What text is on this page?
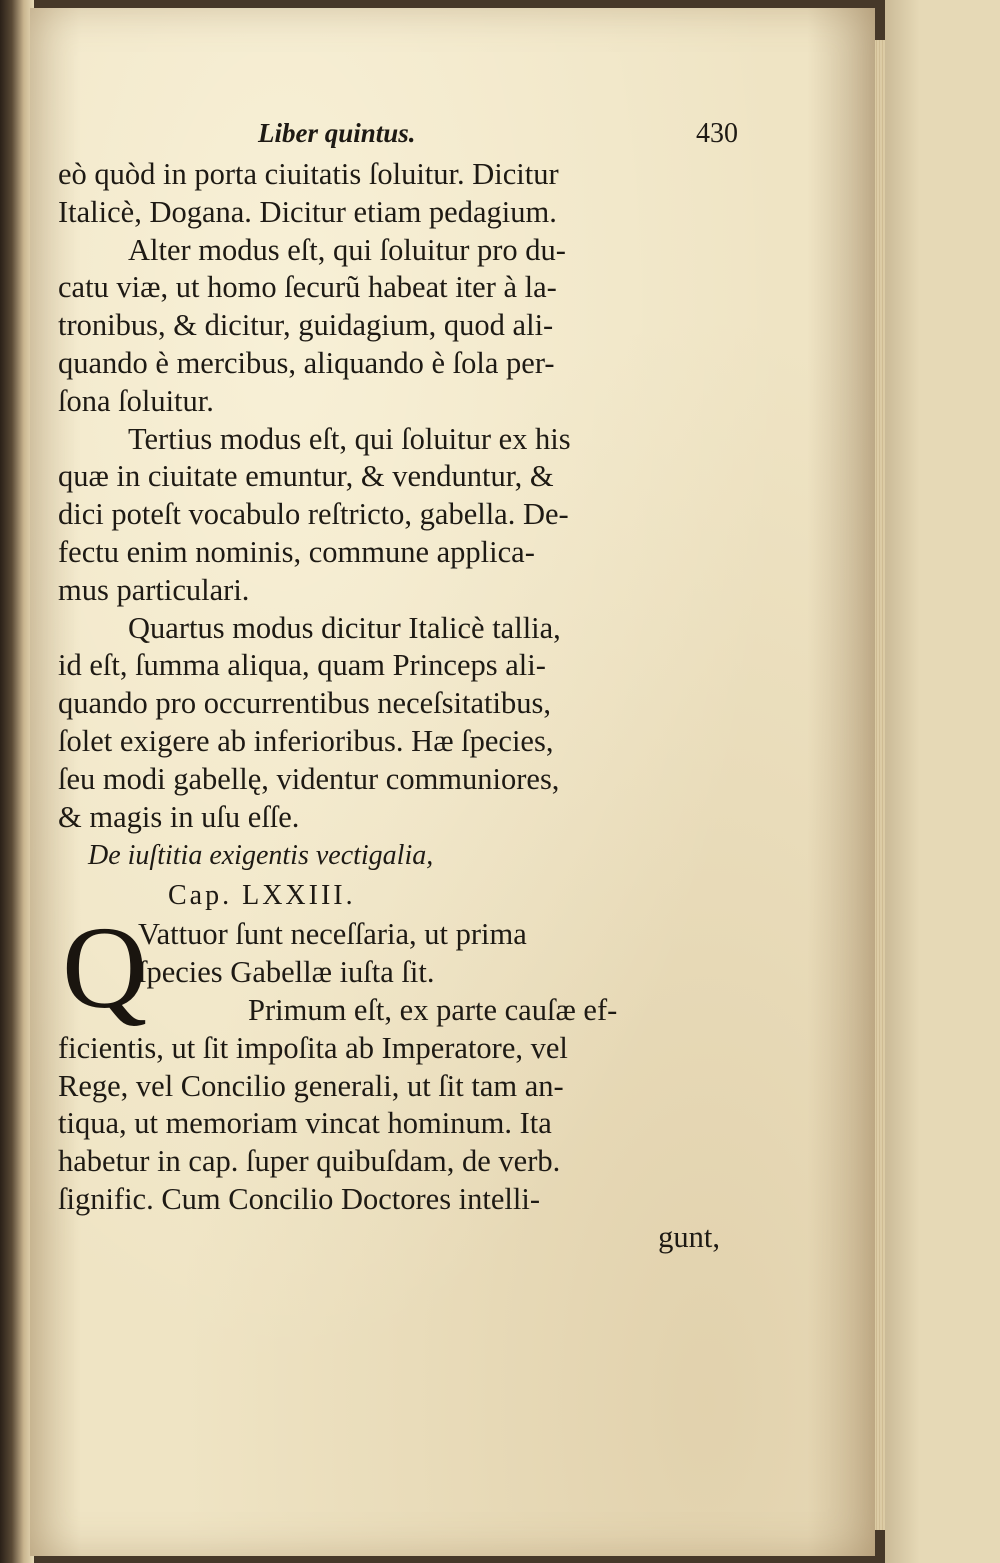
Liber quintus.	430
eò quòd in porta ciuitatis ſoluitur. Dicitur
Italicè, Dogana. Dicitur etiam pedagium.
Alter modus eſt, qui ſoluitur pro du-
catu viæ, ut homo ſecurũ habeat iter à la-
tronibus, & dicitur, guidagium, quod ali-
quando è mercibus, aliquando è ſola per-
ſona ſoluitur.
Tertius modus eſt, qui ſoluitur ex his
quæ in ciuitate emuntur, & venduntur, &
dici poteſt vocabulo reſtricto, gabella. De-
fectu enim nominis, commune applica-
mus particulari.
Quartus modus dicitur Italicè tallia,
id eſt, ſumma aliqua, quam Princeps ali-
quando pro occurrentibus neceſsitatibus,
ſolet exigere ab inferioribus. Hæ ſpecies,
ſeu modi gabellę, videntur communiores,
& magis in uſu eſſe.
De iuſtitia exigentis vectigalia,
Cap. LXXIII.
Q
Vattuor ſunt neceſſaria, ut prima
ſpecies Gabellæ iuſta ſit.
Primum eſt, ex parte cauſæ ef-
ficientis, ut ſit impoſita ab Imperatore, vel
Rege, vel Concilio generali, ut ſit tam an-
tiqua, ut memoriam vincat hominum. Ita
habetur in cap. ſuper quibuſdam, de verb.
ſignific. Cum Concilio Doctores intelli-
gunt,
